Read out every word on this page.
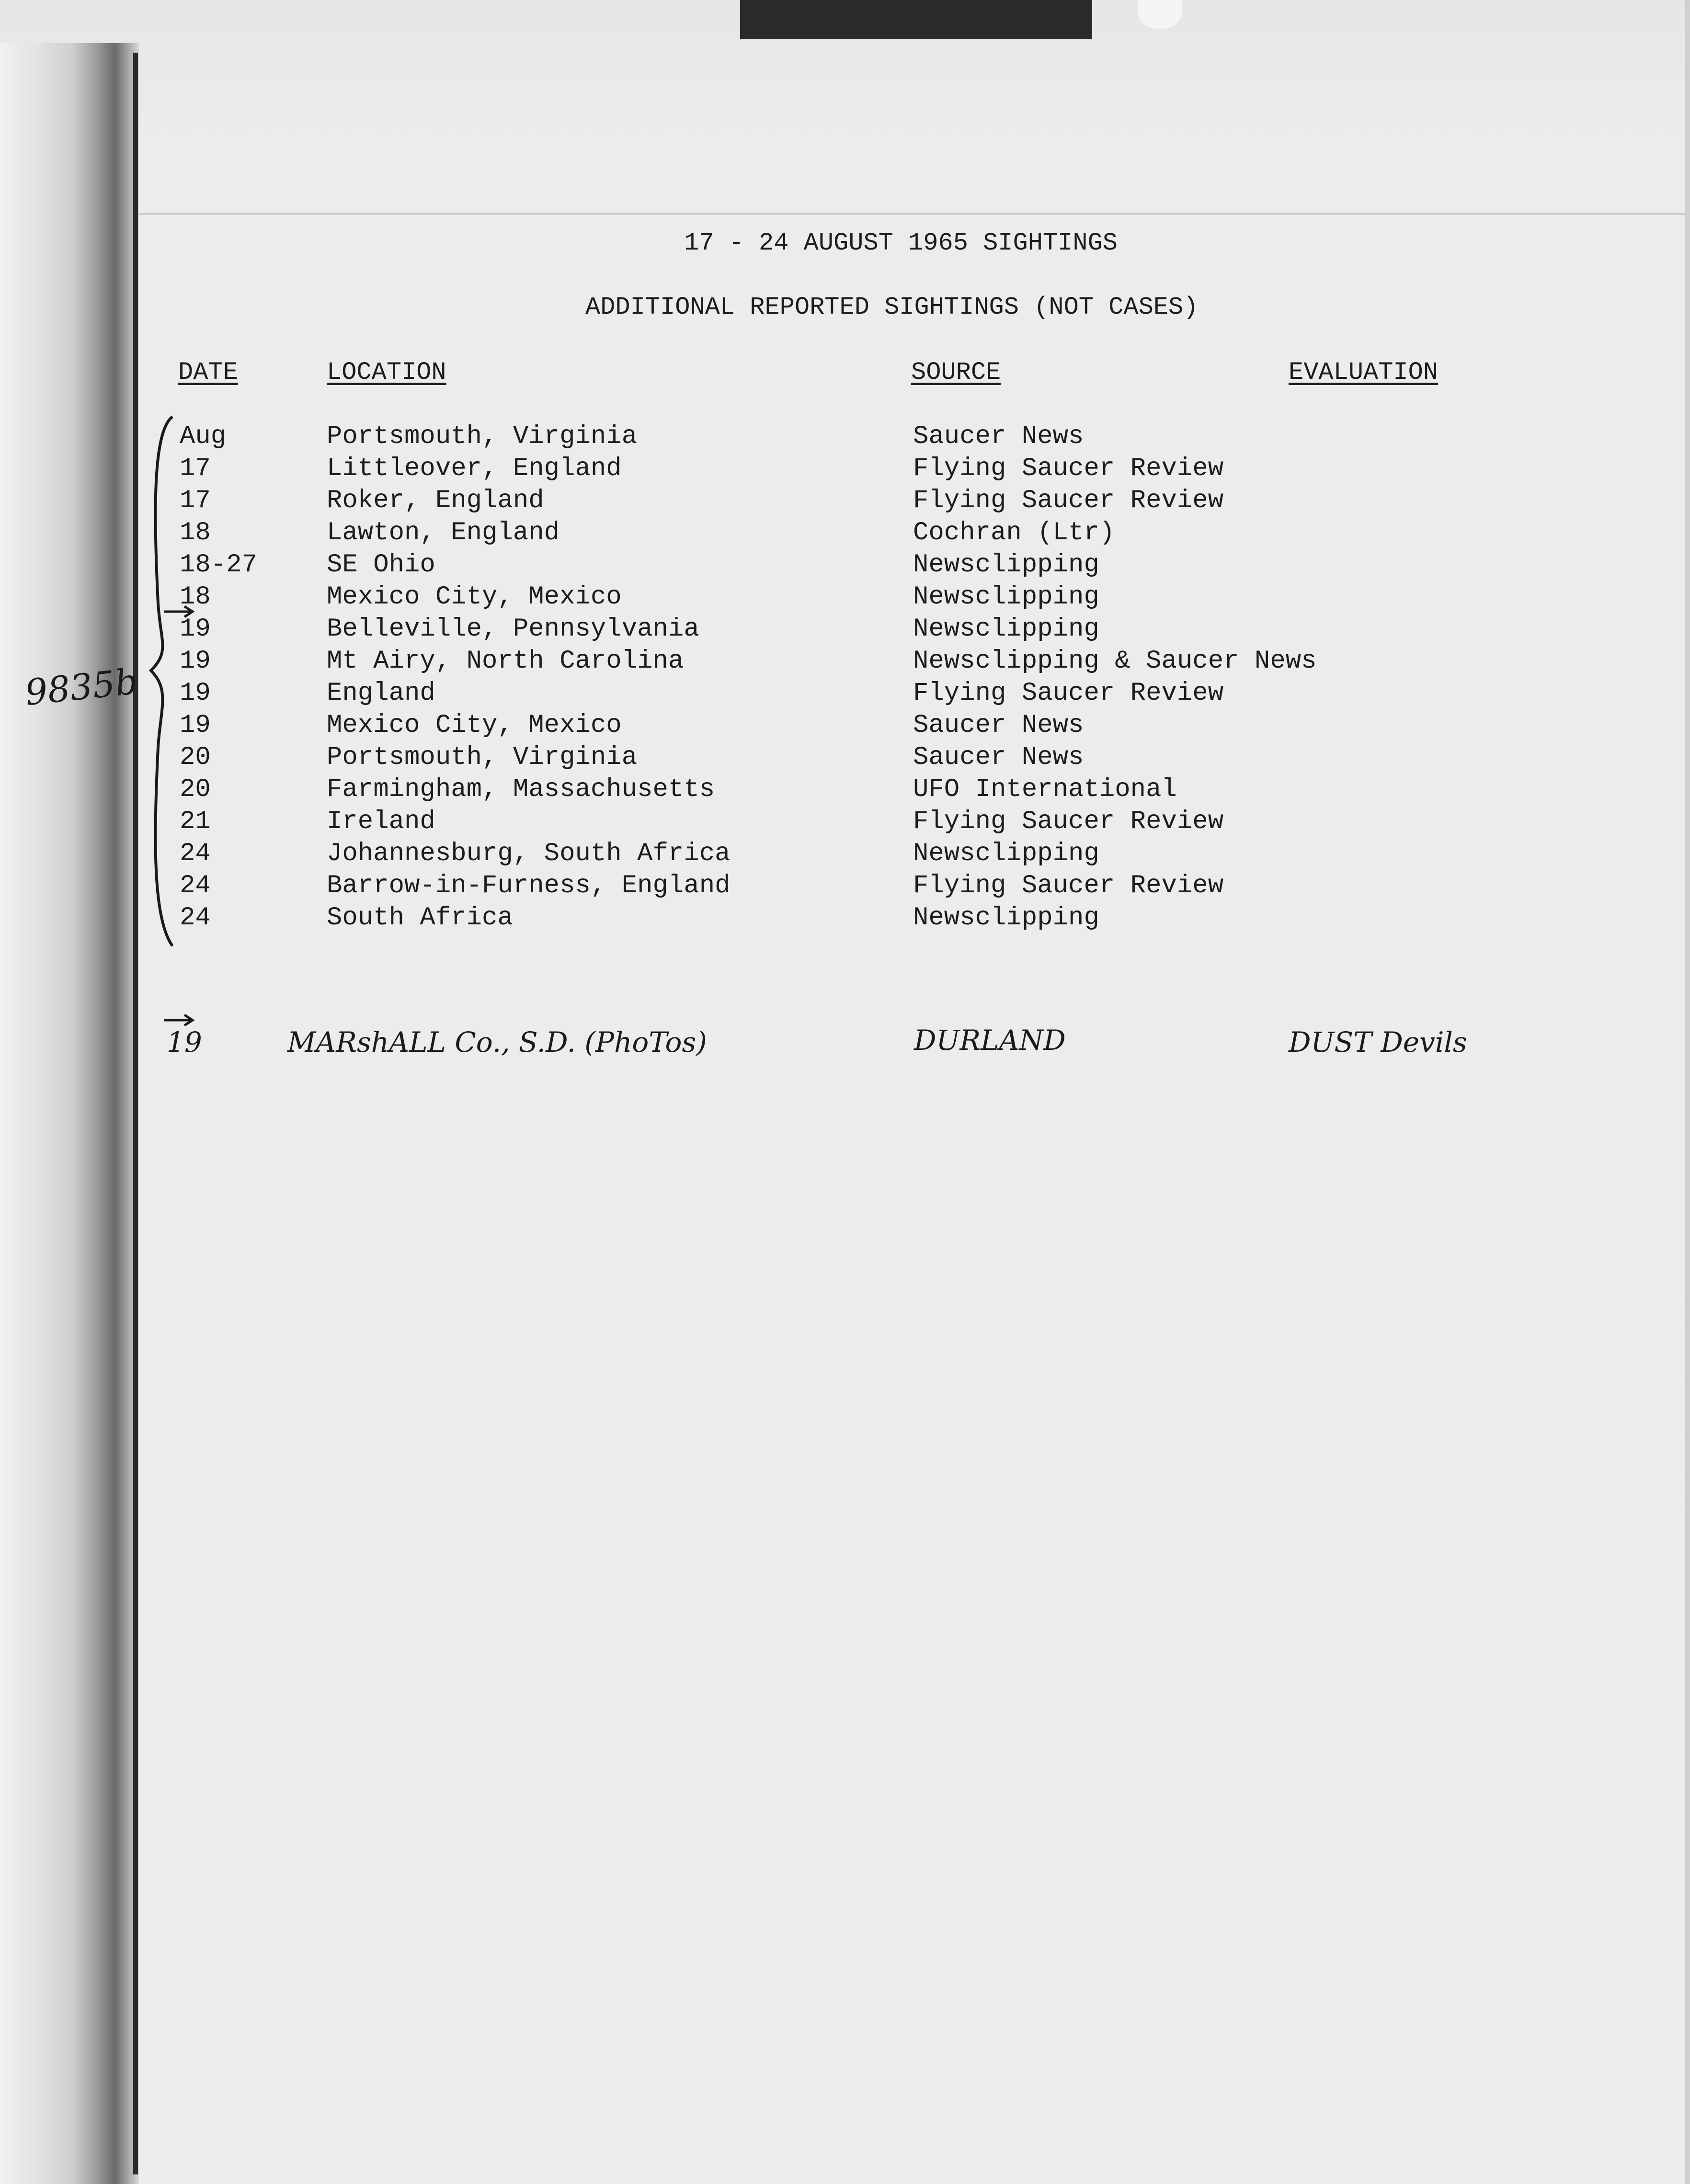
17 - 24 AUGUST 1965 SIGHTINGS
ADDITIONAL REPORTED SIGHTINGS (NOT CASES)
DATE	LOCATION	SOURCE	EVALUATION
Aug	Portsmouth, Virginia	Saucer News
17	Littleover, England	Flying Saucer Review
17	Roker, England	Flying Saucer Review
18	Lawton, England	Cochran (Ltr)
18-27	SE Ohio	Newsclipping
18	Mexico City, Mexico	Newsclipping
19	Belleville, Pennsylvania	Newsclipping
19	Mt Airy, North Carolina	Newsclipping & Saucer News
19	England	Flying Saucer Review
19	Mexico City, Mexico	Saucer News
20	Portsmouth, Virginia	Saucer News
20	Farmingham, Massachusetts	UFO International
21	Ireland	Flying Saucer Review
24	Johannesburg, South Africa	Newsclipping
24	Barrow-in-Furness, England	Flying Saucer Review
24	South Africa	Newsclipping
9835b
19	MARshALL Co., S.D. (PhoTos)	DURLAND	DUST Devils
